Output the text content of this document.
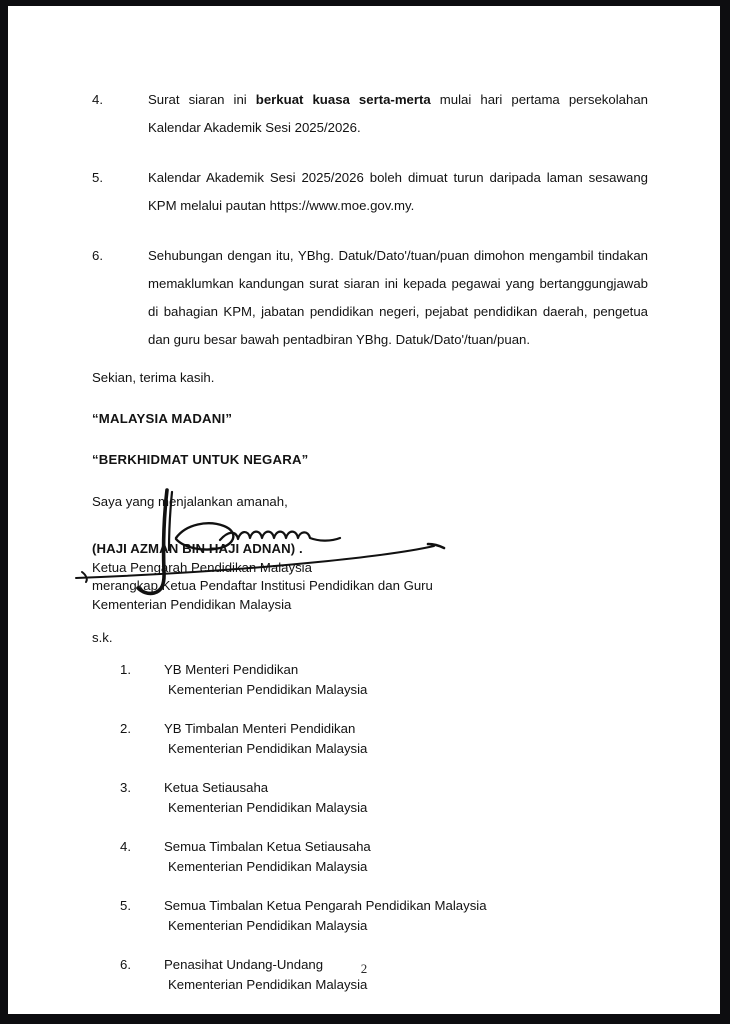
4.	Surat siaran ini berkuat kuasa serta-merta mulai hari pertama persekolahan Kalendar Akademik Sesi 2025/2026.
5.	Kalendar Akademik Sesi 2025/2026 boleh dimuat turun daripada laman sesawang KPM melalui pautan https://www.moe.gov.my.
6.	Sehubungan dengan itu, YBhg. Datuk/Dato'/tuan/puan dimohon mengambil tindakan memaklumkan kandungan surat siaran ini kepada pegawai yang bertanggungjawab di bahagian KPM, jabatan pendidikan negeri, pejabat pendidikan daerah, pengetua dan guru besar bawah pentadbiran YBhg. Datuk/Dato'/tuan/puan.
Sekian, terima kasih.
“MALAYSIA MADANI”
“BERKHIDMAT UNTUK NEGARA”
Saya yang menjalankan amanah,
(HAJI AZMAN BIN HAJI ADNAN) .
Ketua Pengarah Pendidikan Malaysia
merangkap Ketua Pendaftar Institusi Pendidikan dan Guru
Kementerian Pendidikan Malaysia
s.k.
1.	YB Menteri Pendidikan
Kementerian Pendidikan Malaysia
2.	YB Timbalan Menteri Pendidikan
Kementerian Pendidikan Malaysia
3.	Ketua Setiausaha
Kementerian Pendidikan Malaysia
4.	Semua Timbalan Ketua Setiausaha
Kementerian Pendidikan Malaysia
5.	Semua Timbalan Ketua Pengarah Pendidikan Malaysia
Kementerian Pendidikan Malaysia
6.	Penasihat Undang-Undang
Kementerian Pendidikan Malaysia
2
